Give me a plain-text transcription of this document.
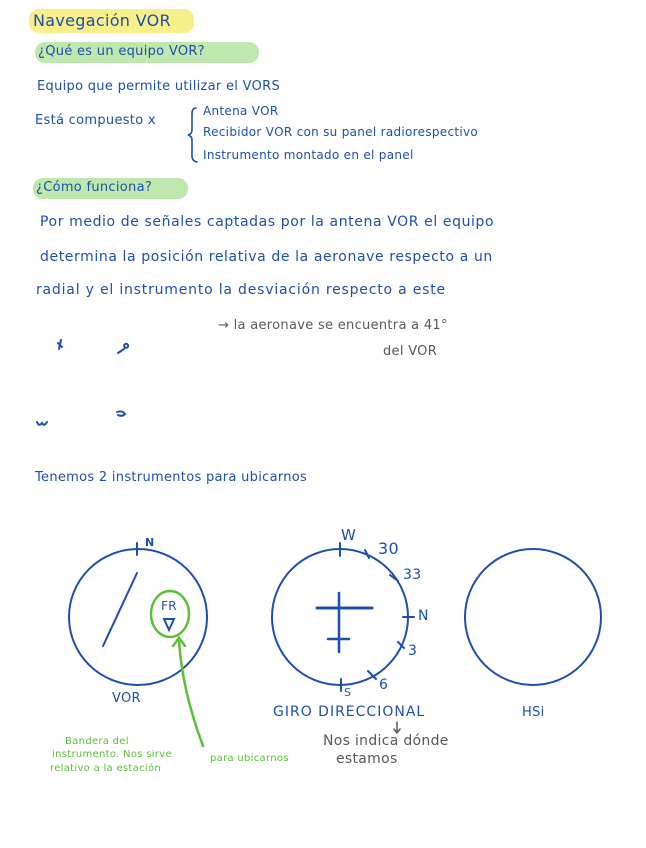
Navegación VOR
¿Qué es un equipo VOR?
Equipo que permite utilizar el VORS
Está compuesto x
Antena VOR
Recibidor VOR con su panel radiorespectivo
Instrumento montado en el panel
¿Cómo funciona?
Por medio de señales captadas por la antena VOR el equipo
determina la posición relativa de la aeronave respecto a un
radial y el instrumento la desviación respecto a este
→ la aeronave se encuentra a 41°
del VOR
Tenemos 2 instrumentos para ubicarnos
N
FR
VOR
W
30
33
N
3
6
S
GIRO DIRECCIONAL
Nos indica dónde
estamos
HSi
Bandera del
instrumento. Nos sirve
relativo a la estación
para ubicarnos
